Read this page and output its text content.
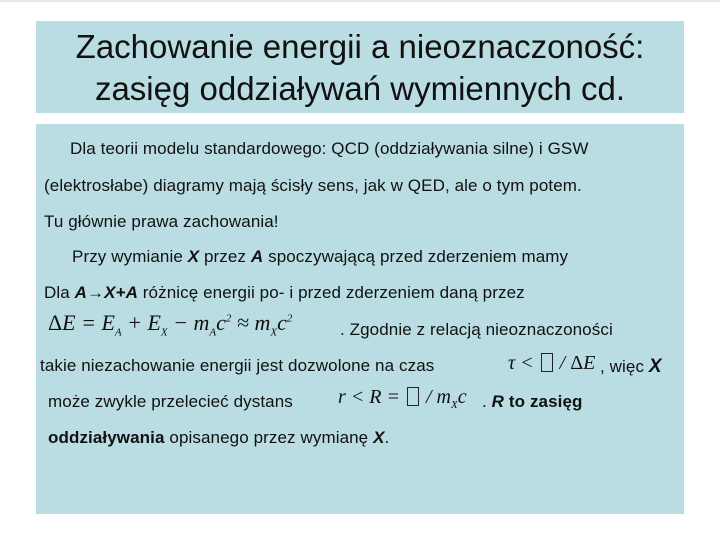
Zachowanie energii a nieoznaczoność:
zasięg oddziaływań wymiennych cd.
Dla teorii modelu standardowego: QCD (oddziaływania silne) i GSW
(elektrosłabe) diagramy mają ścisły sens, jak w QED, ale o tym potem.
Tu głównie prawa zachowania!
Przy wymianie X przez A spoczywającą przed zderzeniem mamy
Dla A→X+A różnicę energii po- i przed zderzeniem daną przez
$\Delta E = E_A + E_X - m_Ac^2 \approx m_Xc^2$
. Zgodnie z relacją nieoznaczoności
takie niezachowanie energii jest dozwolone na czas	τ <  / ΔE , więc X
może zwykle przelecieć dystans r < R =  / $m_Xc$ . R to zasięg
oddziaływania opisanego przez wymianę X.
